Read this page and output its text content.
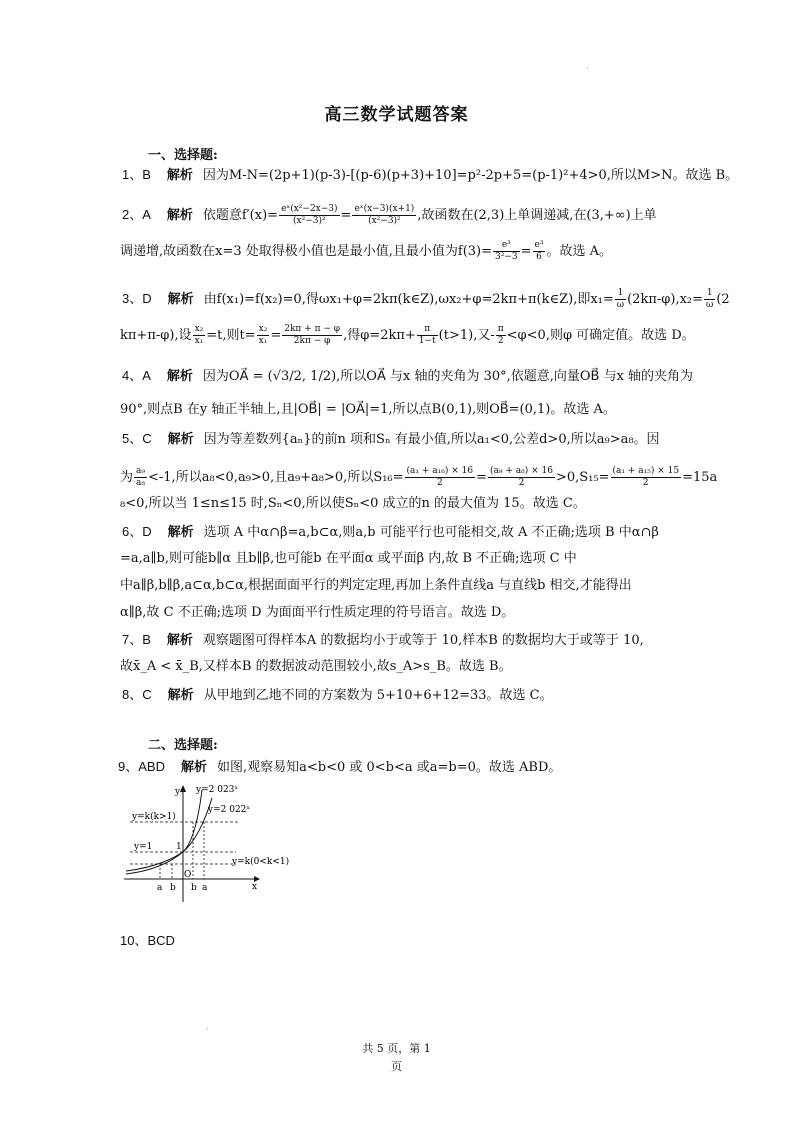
.
高三数学试题答案
一、选择题:
1、B 解析 因为M-N=(2p+1)(p-3)-[(p-6)(p+3)+10]=p²-2p+5=(p-1)²+4>0,所以M>N。故选 B。
2、A 解析 依题意$f'(x)= \frac{\text{eˣ(x²−2x−3)}}{\text{(x²−3)²}} = \frac{\text{eˣ(x−3)(x+1)}}{\text{(x²−3)²}}$ ,故函数在(2,3)上单调递减,在(3,+∞)上单
调递增,故函数在x=3 处取得极小值也是最小值,且最小值为$f(3)= \frac{\text{e³}}{\text{3²−3}} = \frac{\text{e³}}{6}$ 。故选 A。
3、D 解析 由f(x₁)=f(x₂)=0,得ωx₁+φ=2kπ(k∈Z),ωx₂+φ=2kπ+π(k∈Z),即$x_1= \frac{1}{\omega} (2k\pi-\varphi),x_2= \frac{1}{\omega} (2$
kπ+π-φ),设 $\frac{\text{x₂}}{\text{x₁}} =t$,则$t= \frac{\text{x₂}}{\text{x₁}} = \frac{2k\pi + \pi - \varphi}{2k\pi - \varphi}$ ,得$\varphi=2k\pi+ \frac{\pi}{1-t} (t>1)$,又- $\frac{\pi}{2} <\varphi<0$,则φ 可确定值。故选 D。
4、A 解析 因为OA⃗ = (√3/2, 1/2),所以OA⃗ 与x 轴的夹角为 30°,依题意,向量OB⃗ 与x 轴的夹角为
90°,则点B 在y 轴正半轴上,且|OB⃗| = |OA⃗|=1,所以点B(0,1),则OB⃗=(0,1)。故选 A。
5、C 解析 因为等差数列{aₙ}的前n 项和Sₙ 有最小值,所以a₁<0,公差d>0,所以a₉>a₈。因
为 $\frac{\text{a₉}}{\text{a₈}} <-1$,所以a₈<0,a₉>0,且a₉+a₈>0,所以$S_{16}= \frac{\text{(a₁ + a₁₆) × 16}}{2} = \frac{\text{(a₉ + a₈) × 16}}{2} >0,S_{15}= \frac{\text{(a₁ + a₁₅) × 15}}{2} =15a$
₈<0,所以当 1≤n≤15 时,Sₙ<0,所以使Sₙ<0 成立的n 的最大值为 15。故选 C。
6、D 解析 选项 A 中α∩β=a,b⊂α,则a,b 可能平行也可能相交,故 A 不正确;选项 B 中α∩β
=a,a∥b,则可能b∥α 且b∥β,也可能b 在平面α 或平面β 内,故 B 不正确;选项 C 中
中a∥β,b∥β,a⊂α,b⊂α,根据面面平行的判定定理,再加上条件直线a 与直线b 相交,才能得出
α∥β,故 C 不正确;选项 D 为面面平行性质定理的符号语言。故选 D。
7、B 解析 观察题图可得样本A 的数据均小于或等于 10,样本B 的数据均大于或等于 10,
故x̄_A < x̄_B,又样本B 的数据波动范围较小,故s_A>s_B。故选 B。
8、C 解析 从甲地到乙地不同的方案数为 5+10+6+12=33。故选 C。
二、选择题:
9、ABD 解析 如图,观察易知a<b<0 或 0<b<a 或a=b=0。故选 ABD。
y=2 023ˣ
y=2 022ˣ
y=k(k>1)
y=1	1
y=k(0<k<1)
O
a b b a	x
y
10、BCD
.
共 5 页，第 1
页
